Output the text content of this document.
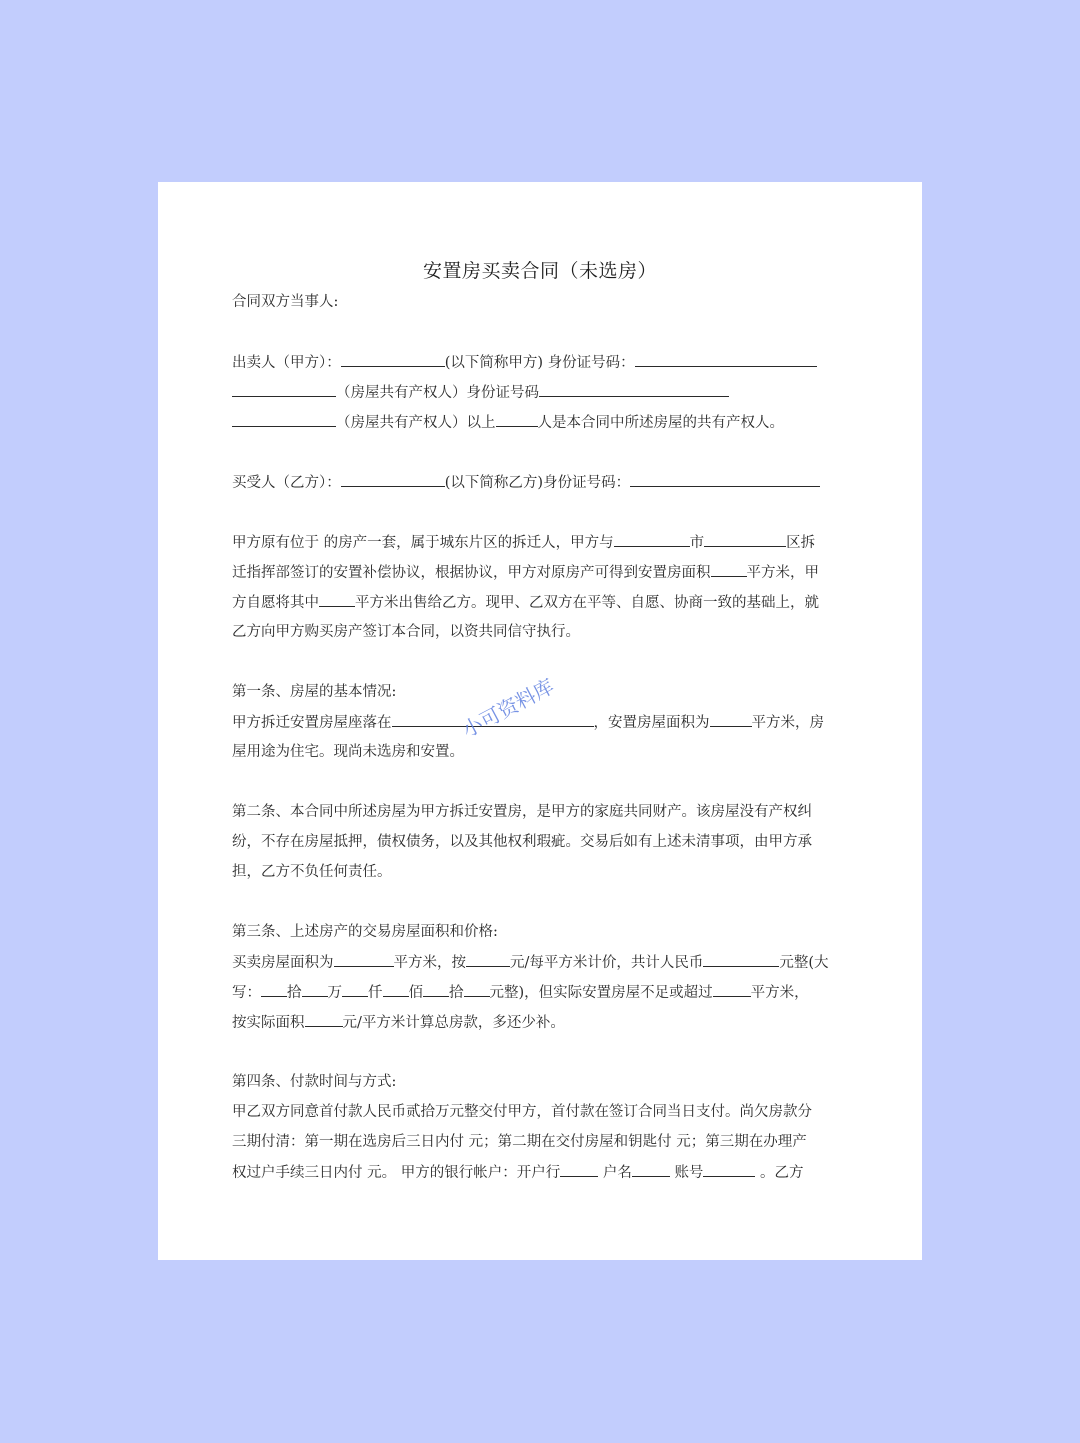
安置房买卖合同（未选房）
合同双方当事人:
出卖人（甲方）：	(以下简称甲方) 身份证号码：
（房屋共有产权人）身份证号码
（房屋共有产权人）以上	人是本合同中所述房屋的共有产权人。
买受人（乙方）：	(以下简称乙方)身份证号码：
甲方原有位于 的房产一套，属于城东片区的拆迁人，甲方与	市	区拆
迁指挥部签订的安置补偿协议，根据协议，甲方对原房产可得到安置房面积 平方米，甲
方自愿将其中 平方米出售给乙方。现甲、乙双方在平等、自愿、协商一致的基础上，就
乙方向甲方购买房产签订本合同，以资共同信守执行。
第一条、房屋的基本情况:
甲方拆迁安置房屋座落在	，安置房屋面积为	平方米，房
屋用途为住宅。现尚未选房和安置。
第二条、本合同中所述房屋为甲方拆迁安置房，是甲方的家庭共同财产。该房屋没有产权纠
纷，不存在房屋抵押，债权债务，以及其他权利瑕疵。交易后如有上述未清事项，由甲方承
担，乙方不负任何责任。
第三条、上述房产的交易房屋面积和价格:
买卖房屋面积为	平方米，按	元/每平方米计价，共计人民币	元整(大
写： 拾 万 仟 佰 拾 元整)，但实际安置房屋不足或超过	平方米，
按实际面积	元/平方米计算总房款，多还少补。
第四条、付款时间与方式:
甲乙双方同意首付款人民币贰拾万元整交付甲方，首付款在签订合同当日支付。尚欠房款分
三期付清：第一期在选房后三日内付 元；第二期在交付房屋和钥匙付 元；第三期在办理产
权过户手续三日内付 元。 甲方的银行帐户：开户行	户名	账号	。乙方
小可资料库
